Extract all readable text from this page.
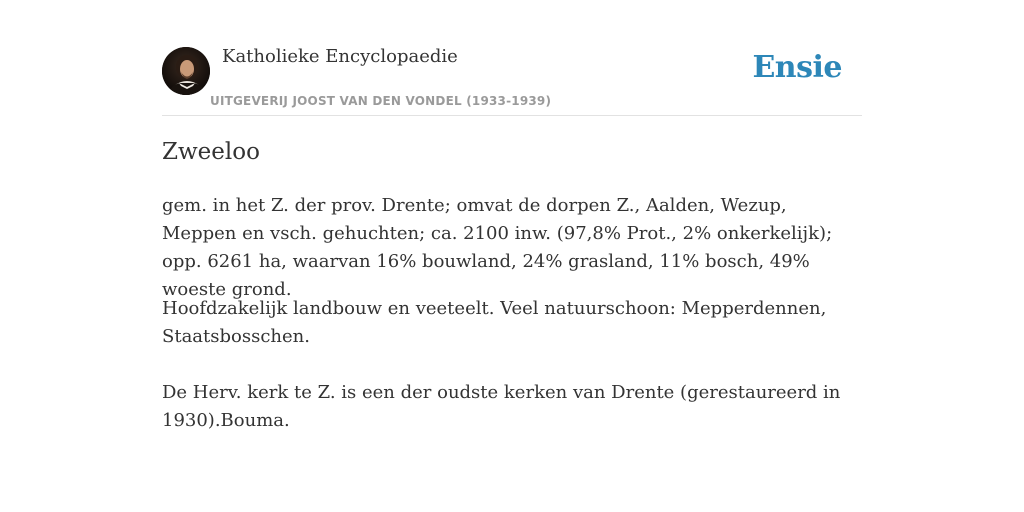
Katholieke Encyclopaedie
UITGEVERIJ JOOST VAN DEN VONDEL (1933-1939)
Ensie
Zweeloo

gem. in het Z. der prov. Drente; omvat de dorpen Z., Aalden, Wezup, Meppen en vsch. gehuchten; ca. 2100 inw. (97,8% Prot., 2% onkerkelijk); opp. 6261 ha, waarvan 16% bouwland, 24% grasland, 11% bosch, 49% woeste grond.

Hoofdzakelijk landbouw en veeteelt. Veel natuurschoon: Mepperdennen, Staatsbosschen.

De Herv. kerk te Z. is een der oudste kerken van Drente (gerestaureerd in 1930).Bouma.
